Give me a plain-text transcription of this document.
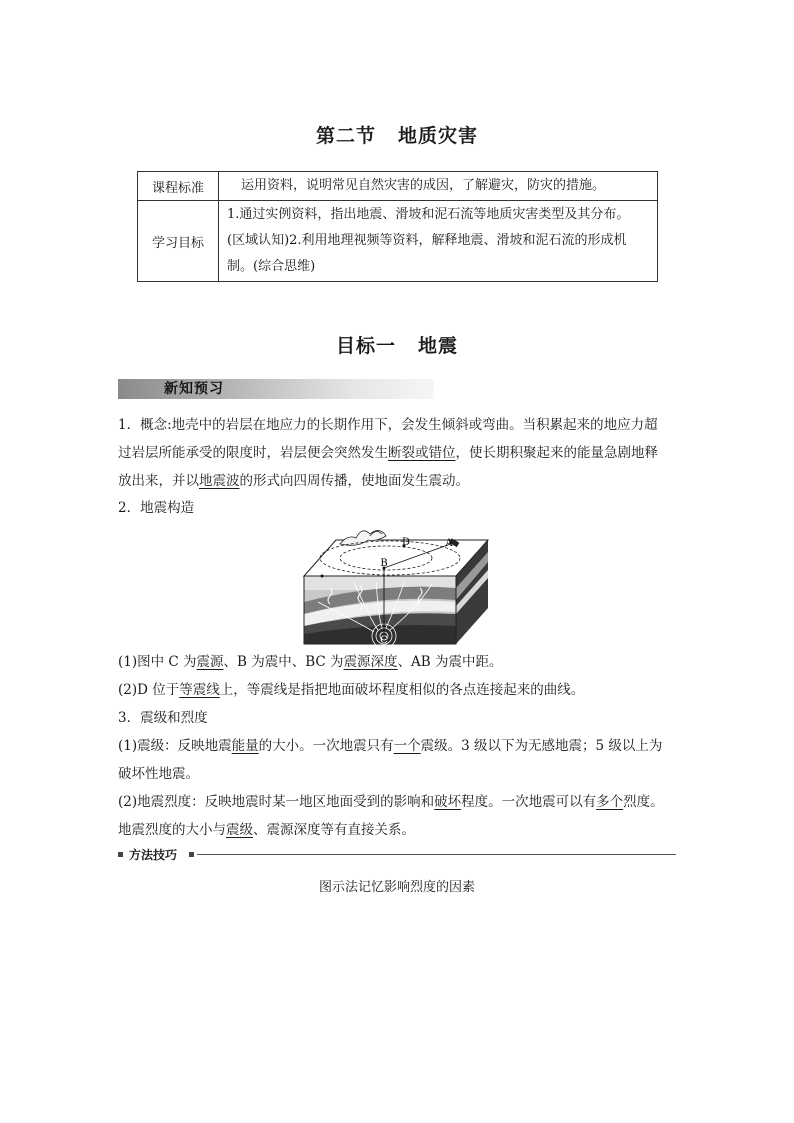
第二节 地质灾害
课程标准	运用资料，说明常见自然灾害的成因，了解避灾，防灾的措施。
学习目标	1.通过实例资料，指出地震、滑坡和泥石流等地质灾害类型及其分布。
(区域认知)2.利用地理视频等资料，解释地震、滑坡和泥石流的形成机
制。(综合思维)
目标一 地震
新知预习
1．概念:地壳中的岩层在地应力的长期作用下，会发生倾斜或弯曲。当积累起来的地应力超
过岩层所能承受的限度时，岩层便会突然发生断裂或错位，使长期积聚起来的能量急剧地释
放出来，并以地震波的形式向四周传播，使地面发生震动。
2．地震构造
B
D	A
C
(1)图中 C 为震源、B 为震中、BC 为震源深度、AB 为震中距。
(2)D 位于等震线上，等震线是指把地面破坏程度相似的各点连接起来的曲线。
3．震级和烈度
(1)震级：反映地震能量的大小。一次地震只有一个震级。3 级以下为无感地震；5 级以上为
破坏性地震。
(2)地震烈度：反映地震时某一地区地面受到的影响和破坏程度。一次地震可以有多个烈度。
地震烈度的大小与震级、震源深度等有直接关系。
方法技巧
图示法记忆影响烈度的因素
